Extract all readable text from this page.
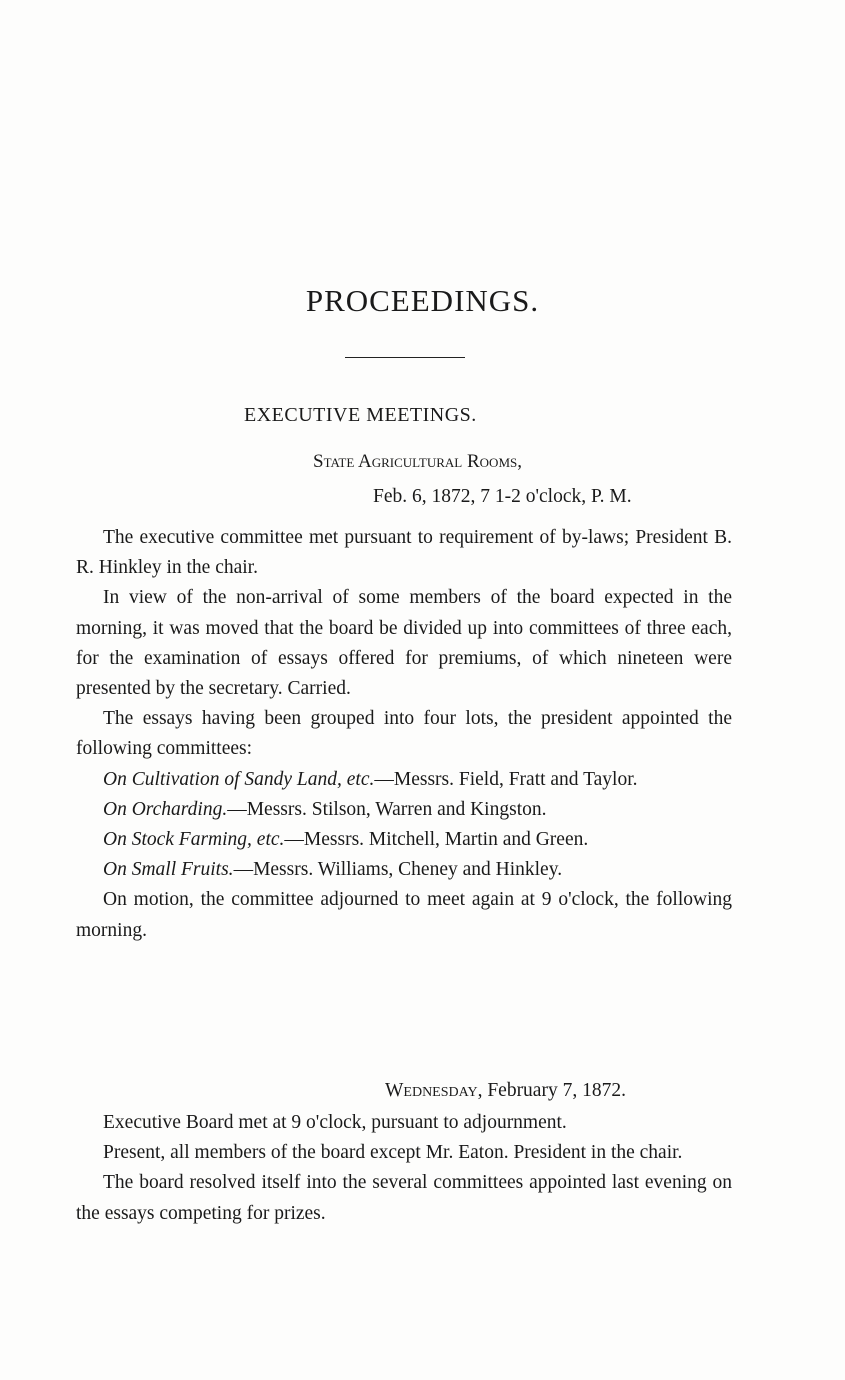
PROCEEDINGS.
EXECUTIVE MEETINGS.
State Agricultural Rooms,
Feb. 6, 1872, 7 1-2 o'clock, P. M.

The executive committee met pursuant to requirement of by-laws; President B. R. Hinkley in the chair.

In view of the non-arrival of some members of the board expected in the morning, it was moved that the board be divided up into committees of three each, for the examination of essays offered for premiums, of which nineteen were presented by the secretary. Carried.

The essays having been grouped into four lots, the president appointed the following committees:

On Cultivation of Sandy Land, etc.—Messrs. Field, Fratt and Taylor.

On Orcharding.—Messrs. Stilson, Warren and Kingston.

On Stock Farming, etc.—Messrs. Mitchell, Martin and Green.

On Small Fruits.—Messrs. Williams, Cheney and Hinkley.

On motion, the committee adjourned to meet again at 9 o'clock, the following morning.

Wednesday, February 7, 1872.

Executive Board met at 9 o'clock, pursuant to adjournment.

Present, all members of the board except Mr. Eaton. President in the chair.

The board resolved itself into the several committees appointed last evening on the essays competing for prizes.
